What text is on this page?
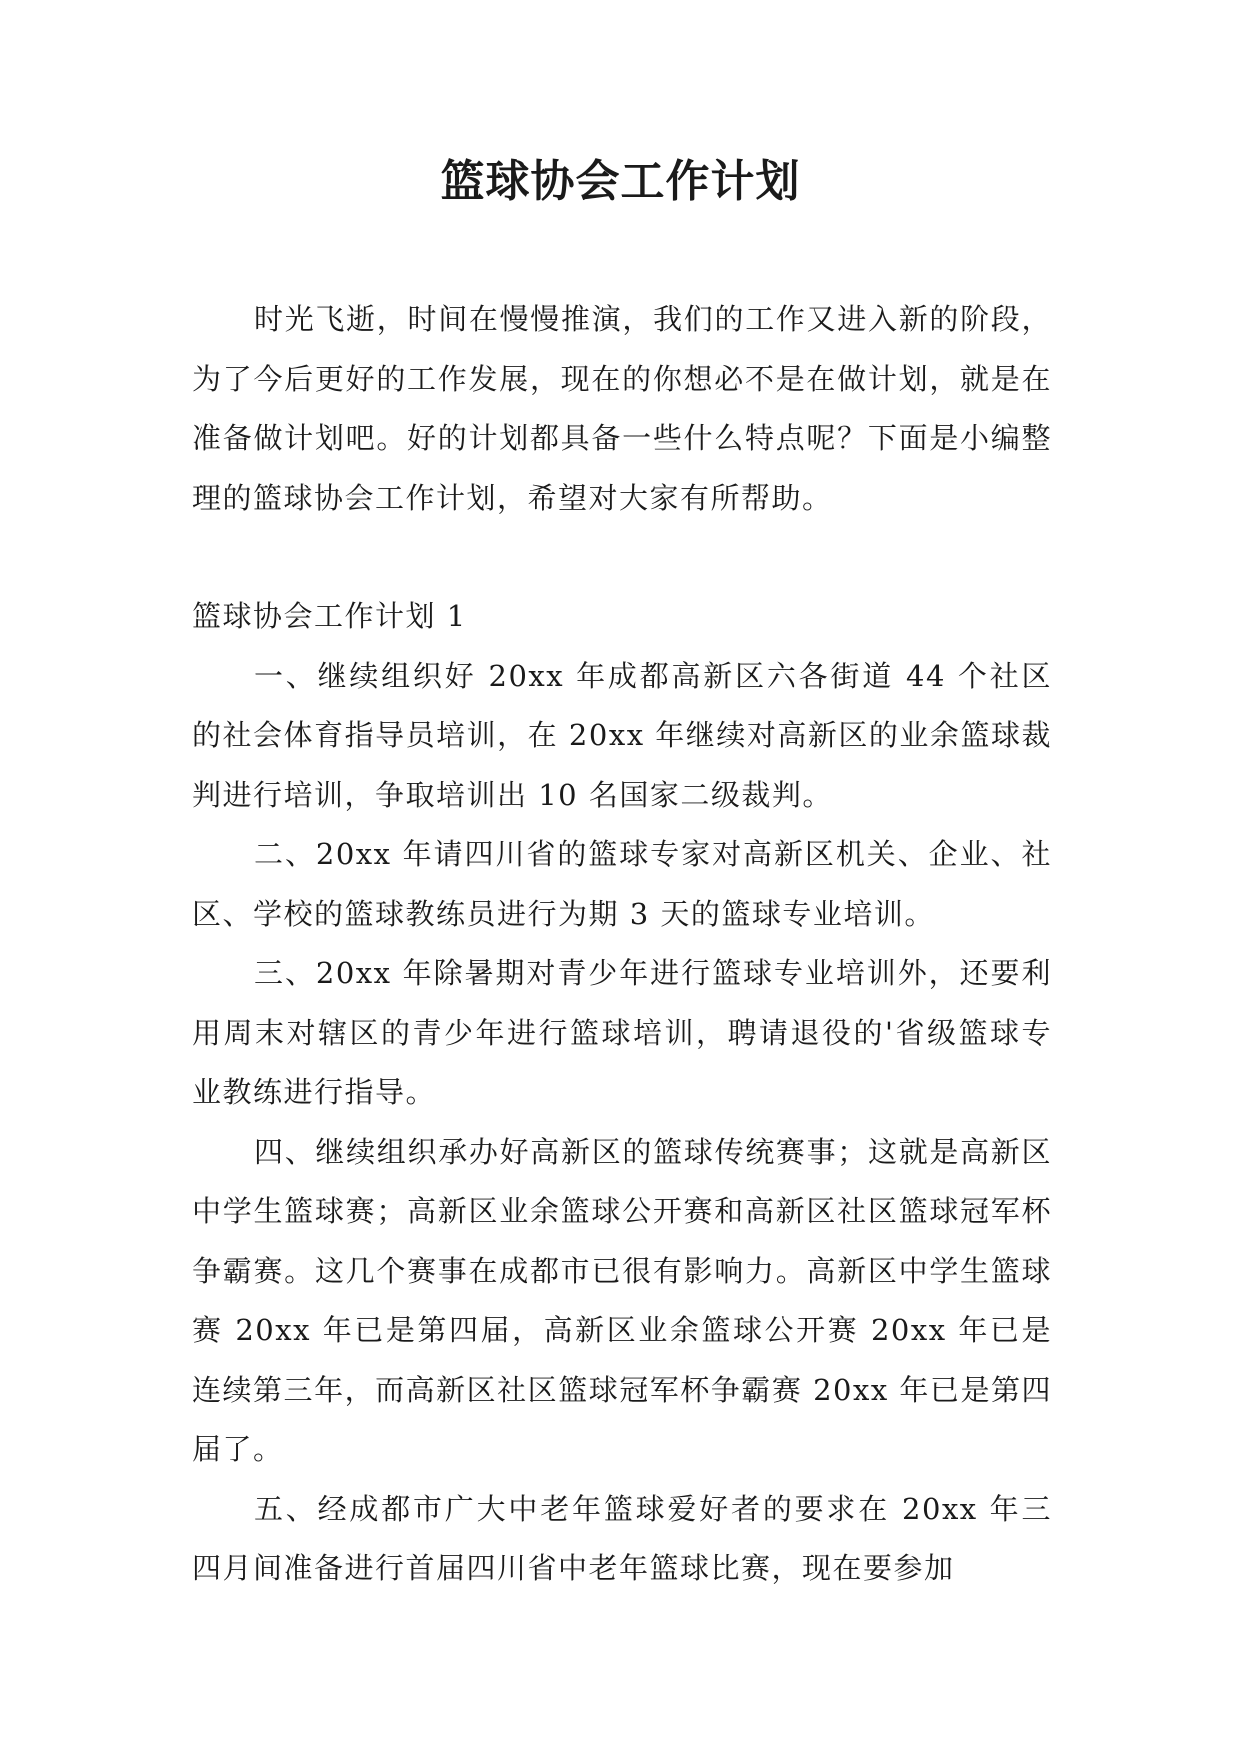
篮球协会工作计划

时光飞逝，时间在慢慢推演，我们的工作又进入新的阶段，为了今后更好的工作发展，现在的你想必不是在做计划，就是在准备做计划吧。好的计划都具备一些什么特点呢？下面是小编整理的篮球协会工作计划，希望对大家有所帮助。

篮球协会工作计划 1

一、继续组织好 20xx 年成都高新区六各街道 44 个社区的社会体育指导员培训，在 20xx 年继续对高新区的业余篮球裁判进行培训，争取培训出 10 名国家二级裁判。

二、20xx 年请四川省的篮球专家对高新区机关、企业、社区、学校的篮球教练员进行为期 3 天的篮球专业培训。

三、20xx 年除暑期对青少年进行篮球专业培训外，还要利用周末对辖区的青少年进行篮球培训，聘请退役的'省级篮球专业教练进行指导。

四、继续组织承办好高新区的篮球传统赛事；这就是高新区中学生篮球赛；高新区业余篮球公开赛和高新区社区篮球冠军杯争霸赛。这几个赛事在成都市已很有影响力。高新区中学生篮球赛 20xx 年已是第四届，高新区业余篮球公开赛 20xx 年已是连续第三年，而高新区社区篮球冠军杯争霸赛 20xx 年已是第四届了。

五、经成都市广大中老年篮球爱好者的要求在 20xx 年三四月间准备进行首届四川省中老年篮球比赛，现在要参加
